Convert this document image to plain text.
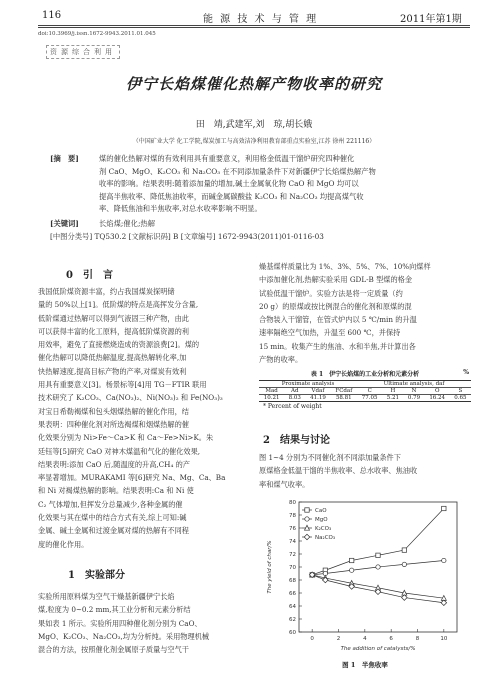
116	能 源 技 术 与 管 理	2011年第1期
doi:10.3969/j.issn.1672-9943.2011.01.045
资源综合利用
伊宁长焰煤催化热解产物收率的研究
田　靖,武建军,刘　琼,胡长娥
（中国矿业大学 化工学院,煤炭加工与高效洁净利用教育部重点实验室,江苏 徐州 221116）
[摘　要]	煤的催化热解对煤的有效利用具有重要意义，利用格金低温干馏炉研究四种催化
剂 CaO、MgO、K₂CO₃ 和 Na₂CO₃ 在不同添加量条件下对新疆伊宁长焰煤热解产物
收率的影响。结果表明:随着添加量的增加,碱土金属氧化物 CaO 和 MgO 均可以
提高半焦收率、降低焦油收率，而碱金属碳酸盐 K₂CO₃ 和 Na₂CO₃ 均提高煤气收
率、降低焦油和半焦收率,对总水收率影响不明显。
[关键词]	长焰煤;催化;热解
[中图分类号] TQ530.2 [文献标识码] B [文章编号] 1672-9943(2011)01-0116-03
0　引　言
我国低阶煤资源丰富，约占我国煤炭探明储
量的 50%以上[1]。低阶煤的特点是高挥发分含量,
低阶煤通过热解可以得到气液固三种产物，由此
可以获得丰富的化工原料，提高低阶煤资源的利
用效率，避免了直接燃烧造成的资源浪费[2]。煤的
催化热解可以降低热解温度,提高热解转化率,加
快热解速度,提高目标产物的产率,对煤炭有效利
用具有重要意义[3]。杨景标等[4]用 TG－FTIR 联用
技术研究了 K₂CO₃、Ca(NO₃)₂、Ni(NO₃)₂ 和 Fe(NO₃)₃
对宝日希勒褐煤和包头烟煤热解的催化作用，结
果表明：四种催化剂对所选褐煤和烟煤热解的催
化效果分别为 Ni>Fe～Ca>K 和 Ca～Fe>Ni>K。朱
廷钰等[5]研究 CaO 对神木煤温和气化的催化效果,
结果表明:添加 CaO 后,随温度的升高,CH₄ 的产
率显著增加。MURAKAMI 等[6]研究 Na、Mg、Ca、Ba
和 Ni 对褐煤热解的影响。结果表明:Ca 和 Ni 使
C₂ 气体增加,但挥发分总量减少,各种金属的催
化效果与其在煤中的结合方式有关,综上可知:碱
金属、碱土金属和过渡金属对煤的热解有不同程
度的催化作用。
1　实验部分
实验所用原料煤为空气干燥基新疆伊宁长焰
煤,粒度为 0~0.2 mm,其工业分析和元素分析结
果如表 1 所示。实验所用四种催化剂分别为 CaO、
MgO、K₂CO₃、Na₂CO₃,均为分析纯。采用物理机械
混合的方法，按照催化剂金属原子质量与空气干
燥基煤样质量比为 1%、3%、5%、7%、10%向煤样
中添加催化剂,热解实验采用 GDL-B 型煤的格金
试验低温干馏炉。实验方法是将一定质量（约
20 g）的原煤或按比例混合的催化剂和原煤的混
合物装入干馏管，在管式炉内以 5 ℃/min 的升温
速率隔绝空气加热，升温至 600 ℃，并保持
15 min。收集产生的焦油、水和半焦,并计算出各
产物的收率。
表 1　伊宁长焰煤的工业分析和元素分析	%
Proximate analysis				Ultimate analysis, daf				
Mad	Ad	Vdaf	FCdaf	C	H	N	O	S
10.21	8.03	41.19	58.81	77.05	5.21	0.79	16.24	0.65
* Percent of weight
2　结果与讨论
图 1~4 分别为不同催化剂不同添加量条件下
原煤格金低温干馏的半焦收率、总水收率、焦油收
率和煤气收率。
60
62
64
66
68
70
72
74
76
78
80
0	2	4	6	8	10
The addition of catalysts/%
The yield of char/%
CaO
MgO
K₂CO₃
Na₂CO₃
图 1　半焦收率
